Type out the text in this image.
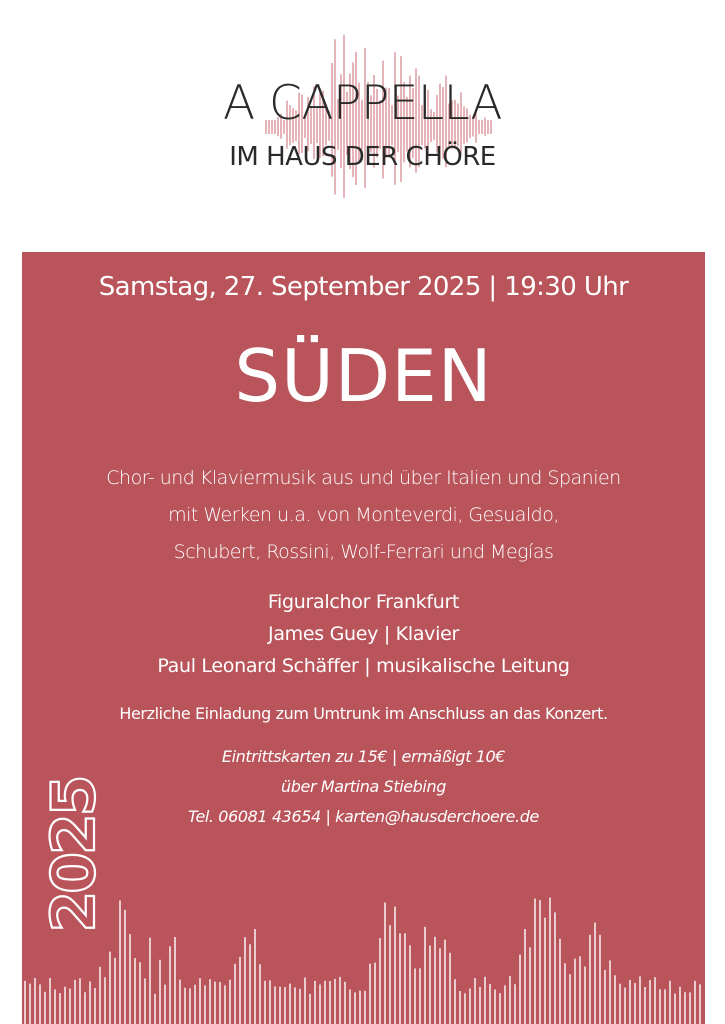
A CAPPELLA
IM HAUS DER CHÖRE
Samstag, 27. September 2025 | 19:30 Uhr
SÜDEN
Chor- und Klaviermusik aus und über Italien und Spanien
mit Werken u.a. von Monteverdi, Gesualdo,
Schubert, Rossini, Wolf-Ferrari und Megías
Figuralchor Frankfurt
James Guey | Klavier
Paul Leonard Schäffer | musikalische Leitung
Herzliche Einladung zum Umtrunk im Anschluss an das Konzert.
Eintrittskarten zu 15€ | ermäßigt 10€
über Martina Stiebing
Tel. 06081 43654 | karten@hausderchoere.de
2025
